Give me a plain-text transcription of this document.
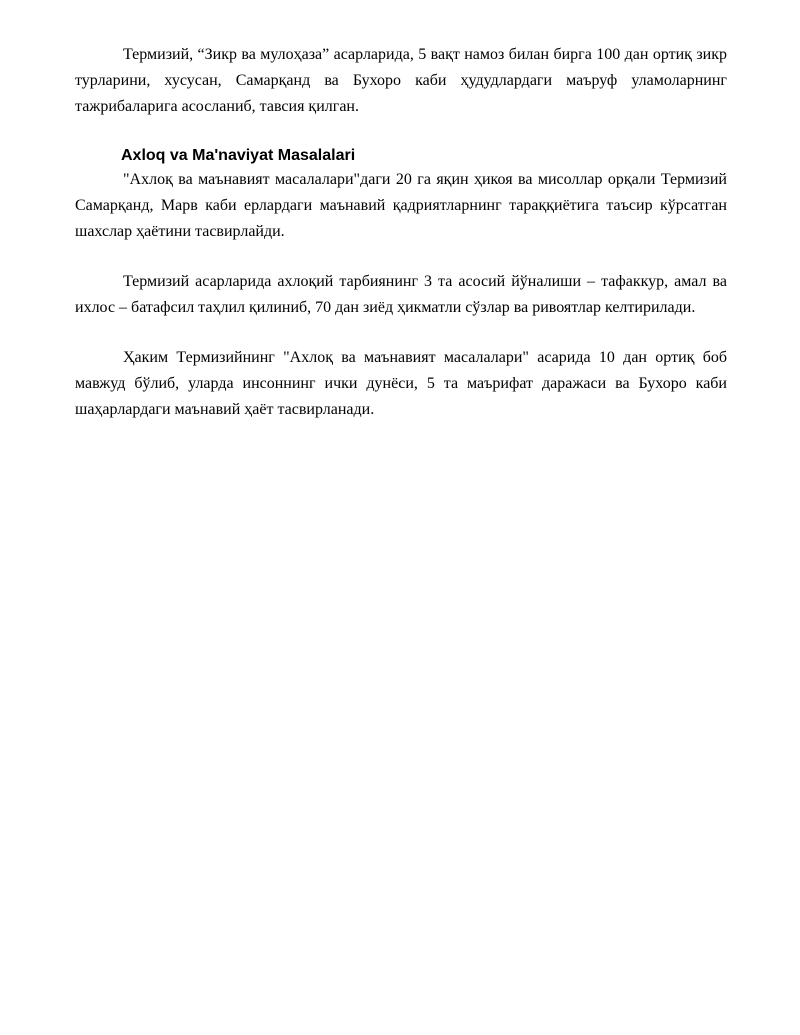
Термизий, “Зикр ва мулоҳаза” асарларида, 5 вақт намоз билан бирга 100 дан ортиқ зикр турларини, хусусан, Самарқанд ва Бухоро каби ҳудудлардаги маъруф уламоларнинг тажрибаларига асосланиб, тавсия қилган.

Axloq va Ma'naviyat Masalalari

"Ахлоқ ва маънавият масалалари"даги 20 га яқин ҳикоя ва мисоллар орқали Термизий Самарқанд, Марв каби ерлардаги маънавий қадриятларнинг тараққиётига таъсир кўрсатган шахслар ҳаётини тасвирлайди.

Термизий асарларида ахлоқий тарбиянинг 3 та асосий йўналиши – тафаккур, амал ва ихлос – батафсил таҳлил қилиниб, 70 дан зиёд ҳикматли сўзлар ва ривоятлар келтирилади.

Ҳаким Термизийнинг "Ахлоқ ва маънавият масалалари" асарида 10 дан ортиқ боб мавжуд бўлиб, уларда инсоннинг ички дунёси, 5 та маърифат даражаси ва Бухоро каби шаҳарлардаги маънавий ҳаёт тасвирланади.
